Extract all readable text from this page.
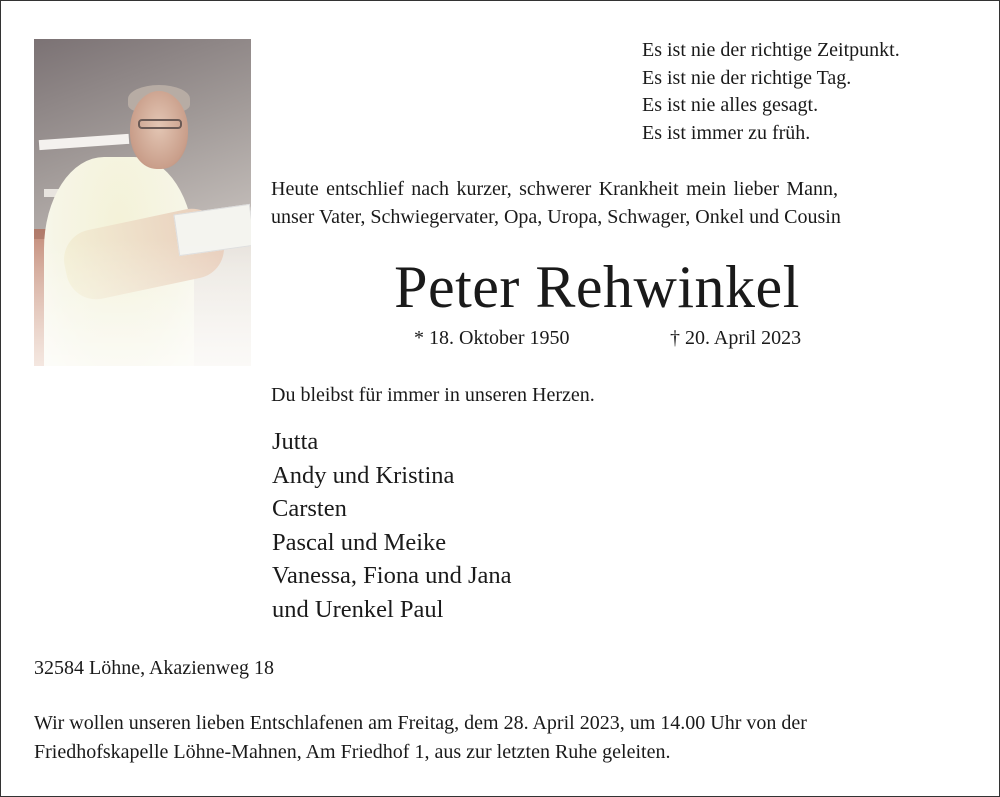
Es ist nie der richtige Zeitpunkt.
Es ist nie der richtige Tag.
Es ist nie alles gesagt.
Es ist immer zu früh.
Heute entschlief nach kurzer, schwerer Krankheit mein lieber Mann,
unser Vater, Schwiegervater, Opa, Uropa, Schwager, Onkel und Cousin
Peter Rehwinkel
* 18. Oktober 1950	† 20. April 2023
Du bleibst für immer in unseren Herzen.
Jutta
Andy und Kristina
Carsten
Pascal und Meike
Vanessa, Fiona und Jana
und Urenkel Paul
32584 Löhne, Akazienweg 18
Wir wollen unseren lieben Entschlafenen am Freitag, dem 28. April 2023, um 14.00 Uhr von der
Friedhofskapelle Löhne-Mahnen, Am Friedhof 1, aus zur letzten Ruhe geleiten.
